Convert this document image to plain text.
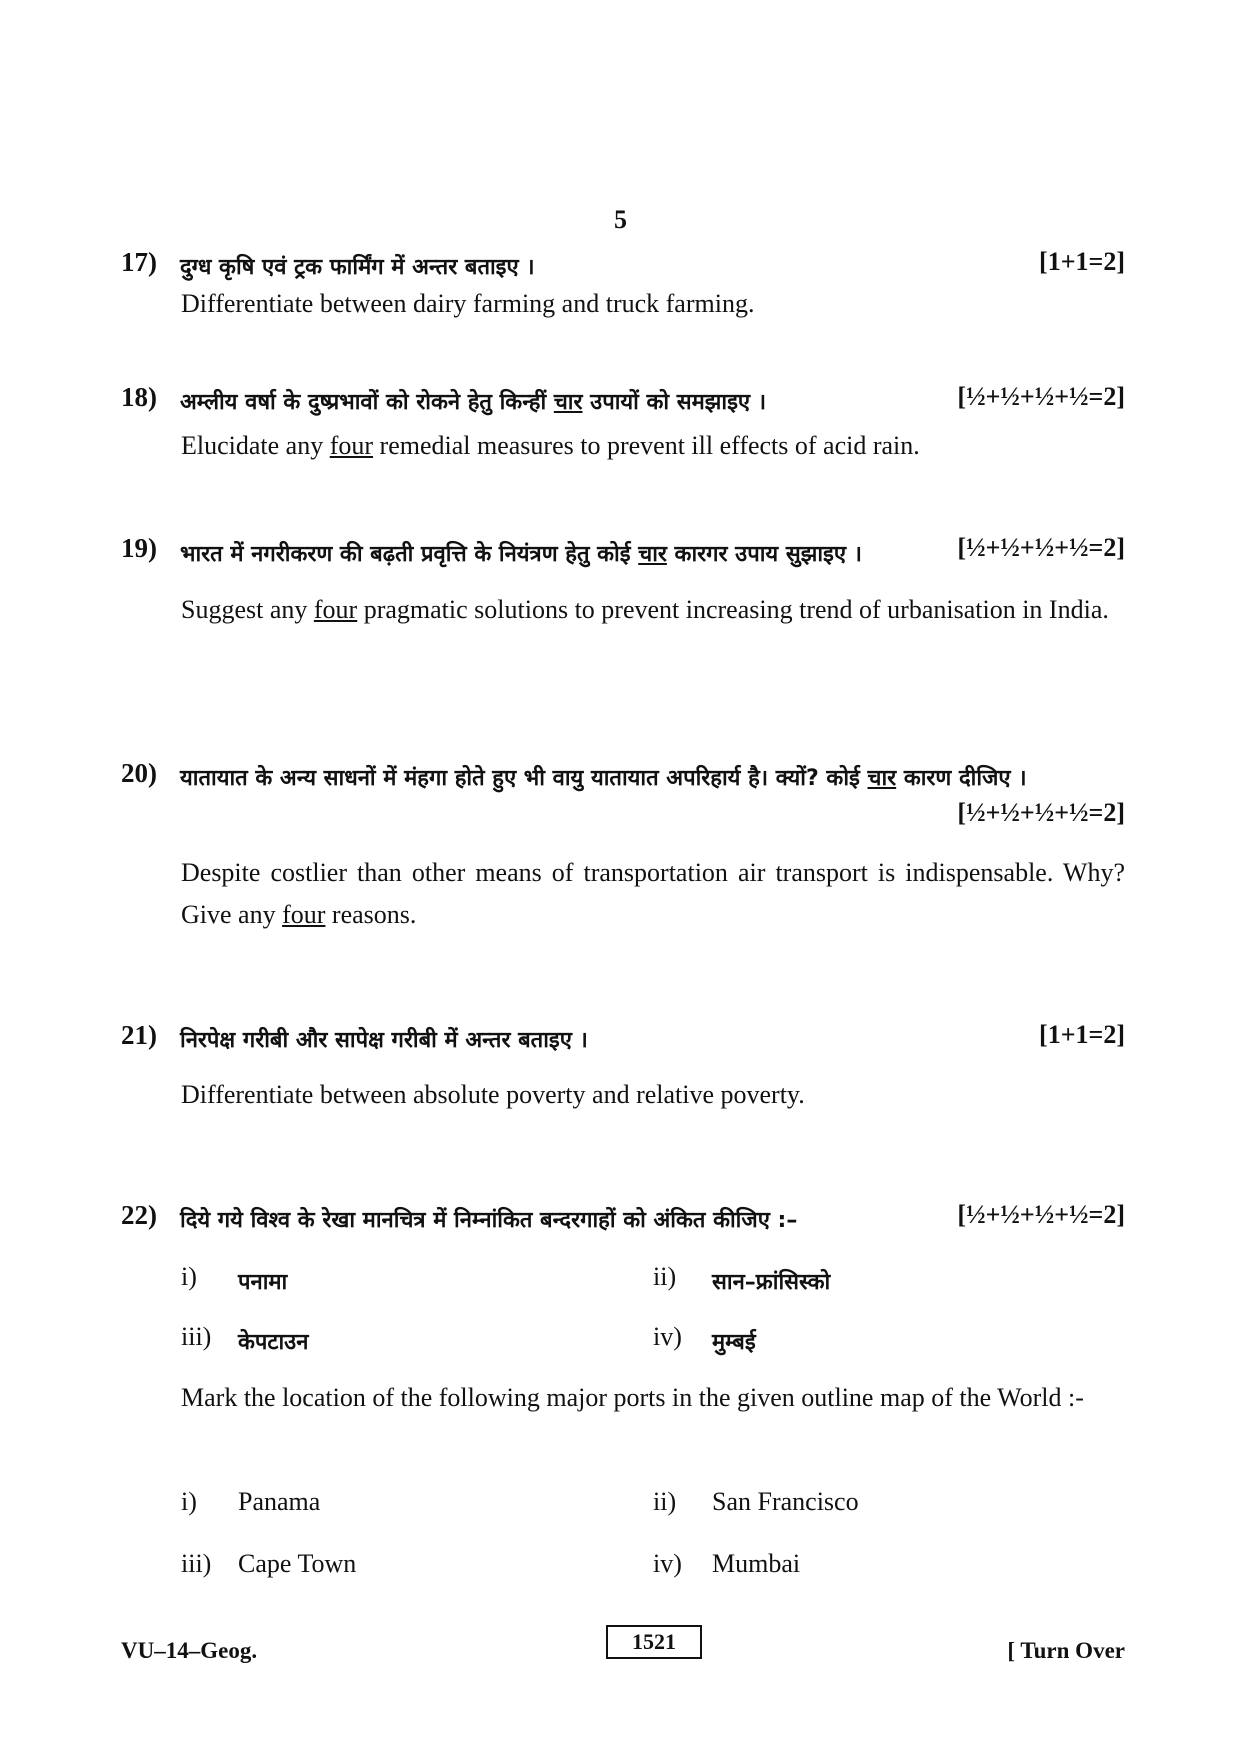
5
17) दुग्ध कृषि एवं ट्रक फार्मिंग में अन्तर बताइए ।	[1+1=2]
Differentiate between dairy farming and truck farming.
18) अम्लीय वर्षा के दुष्प्रभावों को रोकने हेतु किन्हीं चार उपायों को समझाइए ।	[½+½+½+½=2]
Elucidate any four remedial measures to prevent ill effects of acid rain.
19) भारत में नगरीकरण की बढ़ती प्रवृत्ति के नियंत्रण हेतु कोई चार कारगर उपाय सुझाइए ।	[½+½+½+½=2]
Suggest any four pragmatic solutions to prevent increasing trend of urbanisation in India.
20) यातायात के अन्य साधनों में मंहगा होते हुए भी वायु यातायात अपरिहार्य है। क्यों? कोई चार कारण दीजिए ।
[½+½+½+½=2]
Despite costlier than other means of transportation air transport is indispensable. Why? Give any four reasons.
21) निरपेक्ष गरीबी और सापेक्ष गरीबी में अन्तर बताइए ।	[1+1=2]
Differentiate between absolute poverty and relative poverty.
22) दिये गये विश्व के रेखा मानचित्र में निम्नांकित बन्दरगाहों को अंकित कीजिए :–	[½+½+½+½=2]
i) पनामा	ii) सान–फ्रांसिस्को
iii) केपटाउन	iv) मुम्बई
Mark the location of the following major ports in the given outline map of the World :-
i) Panama	ii) San Francisco
iii) Cape Town	iv) Mumbai
VU–14–Geog.	1521	[ Turn Over
